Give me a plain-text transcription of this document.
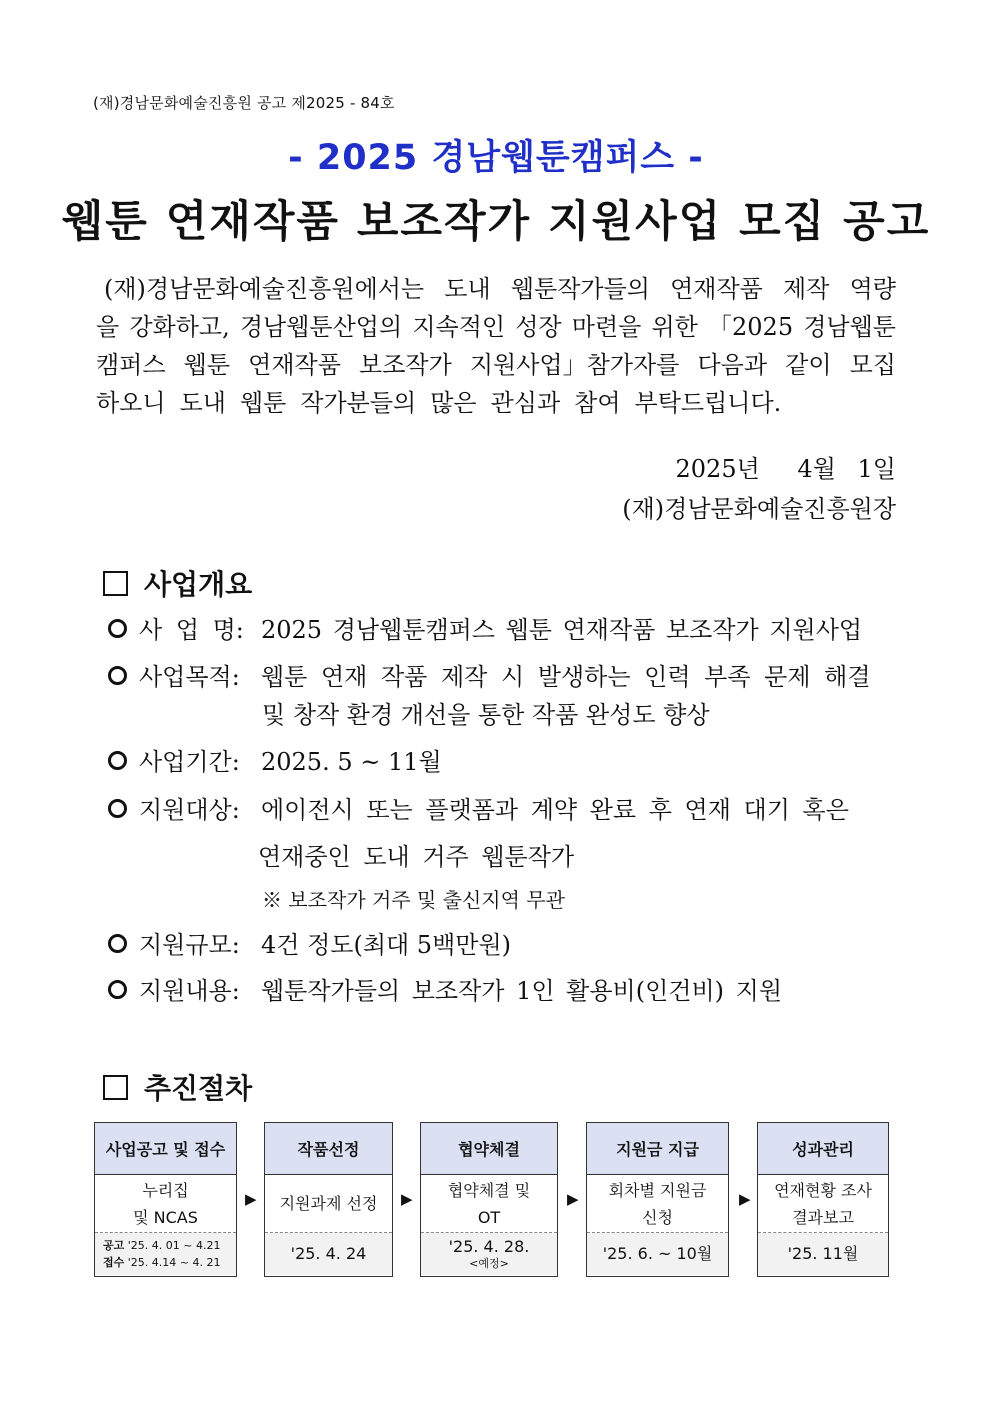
(재)경남문화예술진흥원 공고 제2025 - 84호
- 2025 경남웹툰캠퍼스 -
웹툰 연재작품 보조작가 지원사업 모집 공고
(재)경남문화예술진흥원에서는 도내 웹툰작가들의 연재작품 제작 역량
을 강화하고, 경남웹툰산업의 지속적인 성장 마련을 위한 「2025 경남웹툰
캠퍼스 웹툰 연재작품 보조작가 지원사업」참가자를 다음과 같이 모집
하오니 도내 웹툰 작가분들의 많은 관심과 참여 부탁드립니다.
2025년 4월 1일
(재)경남문화예술진흥원장
사업개요
사 업 명: 2025 경남웹툰캠퍼스 웹툰 연재작품 보조작가 지원사업
사업목적: 웹툰 연재 작품 제작 시 발생하는 인력 부족 문제 해결
및 창작 환경 개선을 통한 작품 완성도 향상
사업기간: 2025. 5 ~ 11월
지원대상: 에이전시 또는 플랫폼과 계약 완료 후 연재 대기 혹은
연재중인 도내 거주 웹툰작가
※ 보조작가 거주 및 출신지역 무관
지원규모: 4건 정도(최대 5백만원)
지원내용: 웹툰작가들의 보조작가 1인 활용비(인건비) 지원
추진절차
사업공고 및 접수
누리집
및 NCAS
공고 '25. 4. 01 ~ 4.21
접수 '25. 4.14 ~ 4. 21
▶
작품선정
지원과제 선정
'25. 4. 24
▶
협약체결
협약체결 및
OT
'25. 4. 28.
<예정>
▶
지원금 지급
회차별 지원금
신청
'25. 6. ~ 10월
▶
성과관리
연재현황 조사
결과보고
'25. 11월
